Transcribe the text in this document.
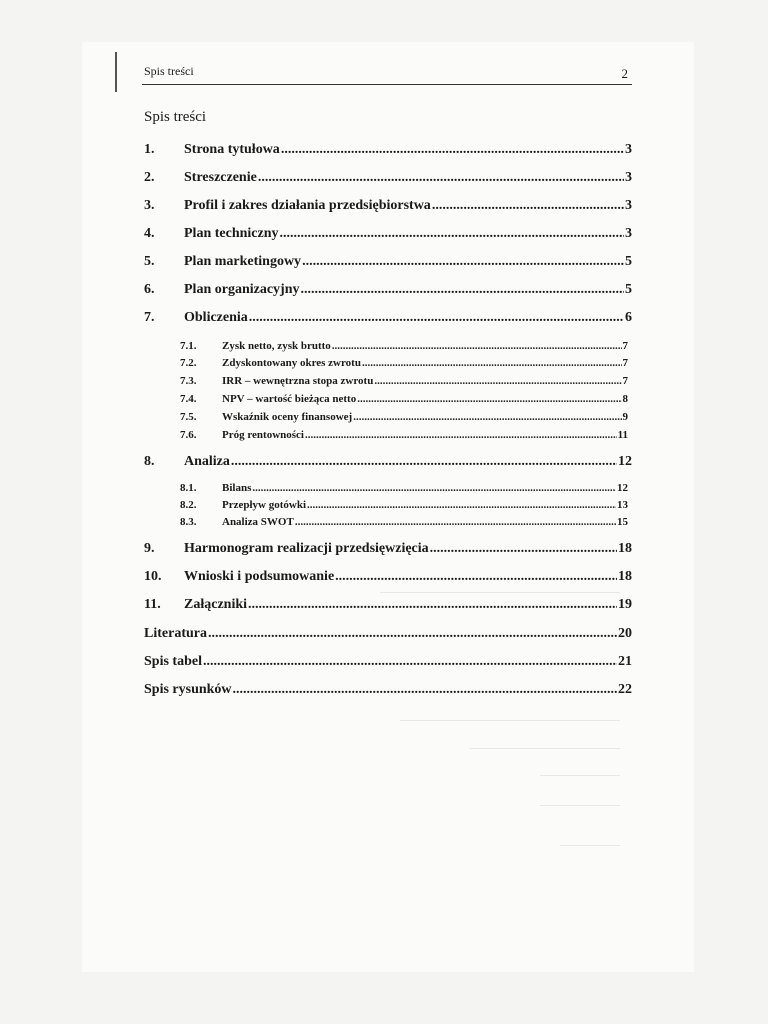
Spis treści	2
Spis treści
1.	Strona tytułowa .....	3
2.	Streszczenie .....	3
3.	Profil i zakres działania przedsiębiorstwa .....	3
4.	Plan techniczny .....	3
5.	Plan marketingowy .....	5
6.	Plan organizacyjny .....	5
7.	Obliczenia .....	6
7.1.	Zysk netto, zysk brutto .....	7
7.2.	Zdyskontowany okres zwrotu .....	7
7.3.	IRR – wewnętrzna stopa zwrotu .....	7
7.4.	NPV – wartość bieżąca netto .....	8
7.5.	Wskaźnik oceny finansowej .....	9
7.6.	Próg rentowności .....	11
8.	Analiza .....	12
8.1.	Bilans .....	12
8.2.	Przepływ gotówki .....	13
8.3.	Analiza SWOT .....	15
9.	Harmonogram realizacji przedsięwzięcia .....	18
10.	Wnioski i podsumowanie .....	18
11.	Załączniki .....	19
Literatura .....	20
Spis tabel .....	21
Spis rysunków .....	22
